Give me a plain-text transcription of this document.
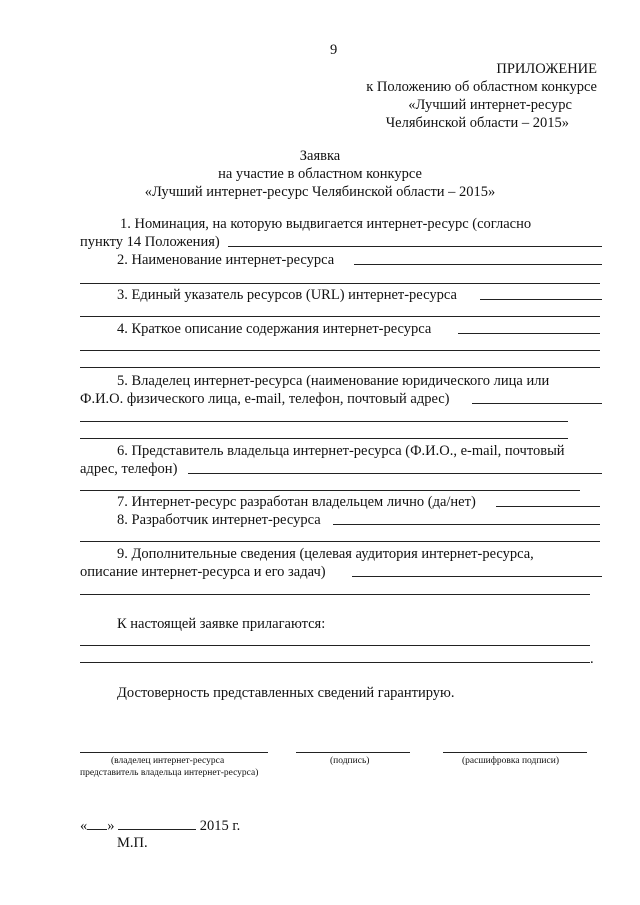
9
ПРИЛОЖЕНИЕ
к Положению об областном конкурсе
«Лучший интернет-ресурс
Челябинской области – 2015»
Заявка
на участие в областном конкурсе
«Лучший интернет-ресурс Челябинской области – 2015»
1. Номинация, на которую выдвигается интернет-ресурс (согласно
пункту 14 Положения)
2. Наименование интернет-ресурса
3. Единый указатель ресурсов (URL) интернет-ресурса
4. Краткое описание содержания интернет-ресурса
5. Владелец интернет-ресурса (наименование юридического лица или
Ф.И.О. физического лица, e-mail, телефон, почтовый адрес)
6. Представитель владельца интернет-ресурса (Ф.И.О., e-mail, почтовый
адрес, телефон)
7. Интернет-ресурс разработан владельцем лично (да/нет)
8. Разработчик интернет-ресурса
9. Дополнительные сведения (целевая аудитория интернет-ресурса,
описание интернет-ресурса и его задач)
К настоящей заявке прилагаются:
.
Достоверность представленных сведений гарантирую.
(владелец интернет-ресурса
представитель владельца интернет-ресурса)
(подпись)	(расшифровка подписи)
« »	2015 г.
М.П.
